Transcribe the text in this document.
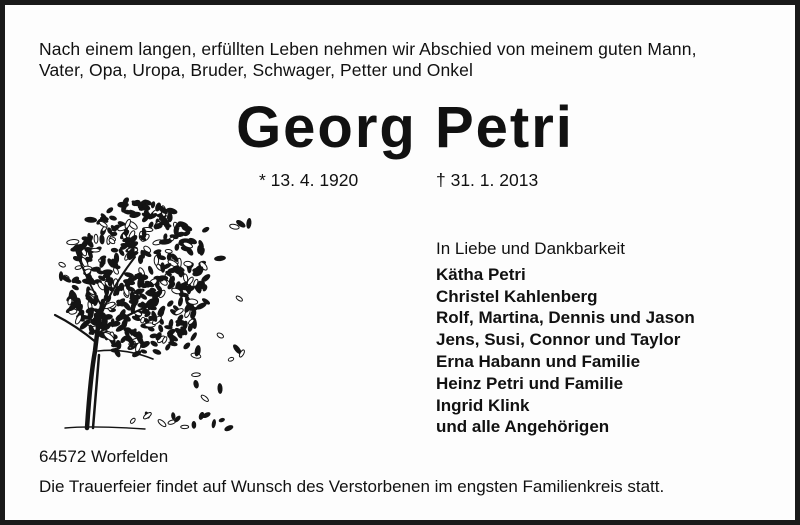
Nach einem langen, erfüllten Leben nehmen wir Abschied von meinem guten Mann,
Vater, Opa, Uropa, Bruder, Schwager, Petter und Onkel
Georg Petri
* 13. 4. 1920	† 31. 1. 2013
In Liebe und Dankbarkeit
Kätha Petri
Christel Kahlenberg
Rolf, Martina, Dennis und Jason
Jens, Susi, Connor und Taylor
Erna Habann und Familie
Heinz Petri und Familie
Ingrid Klink
und alle Angehörigen
64572 Worfelden
Die Trauerfeier findet auf Wunsch des Verstorbenen im engsten Familienkreis statt.
